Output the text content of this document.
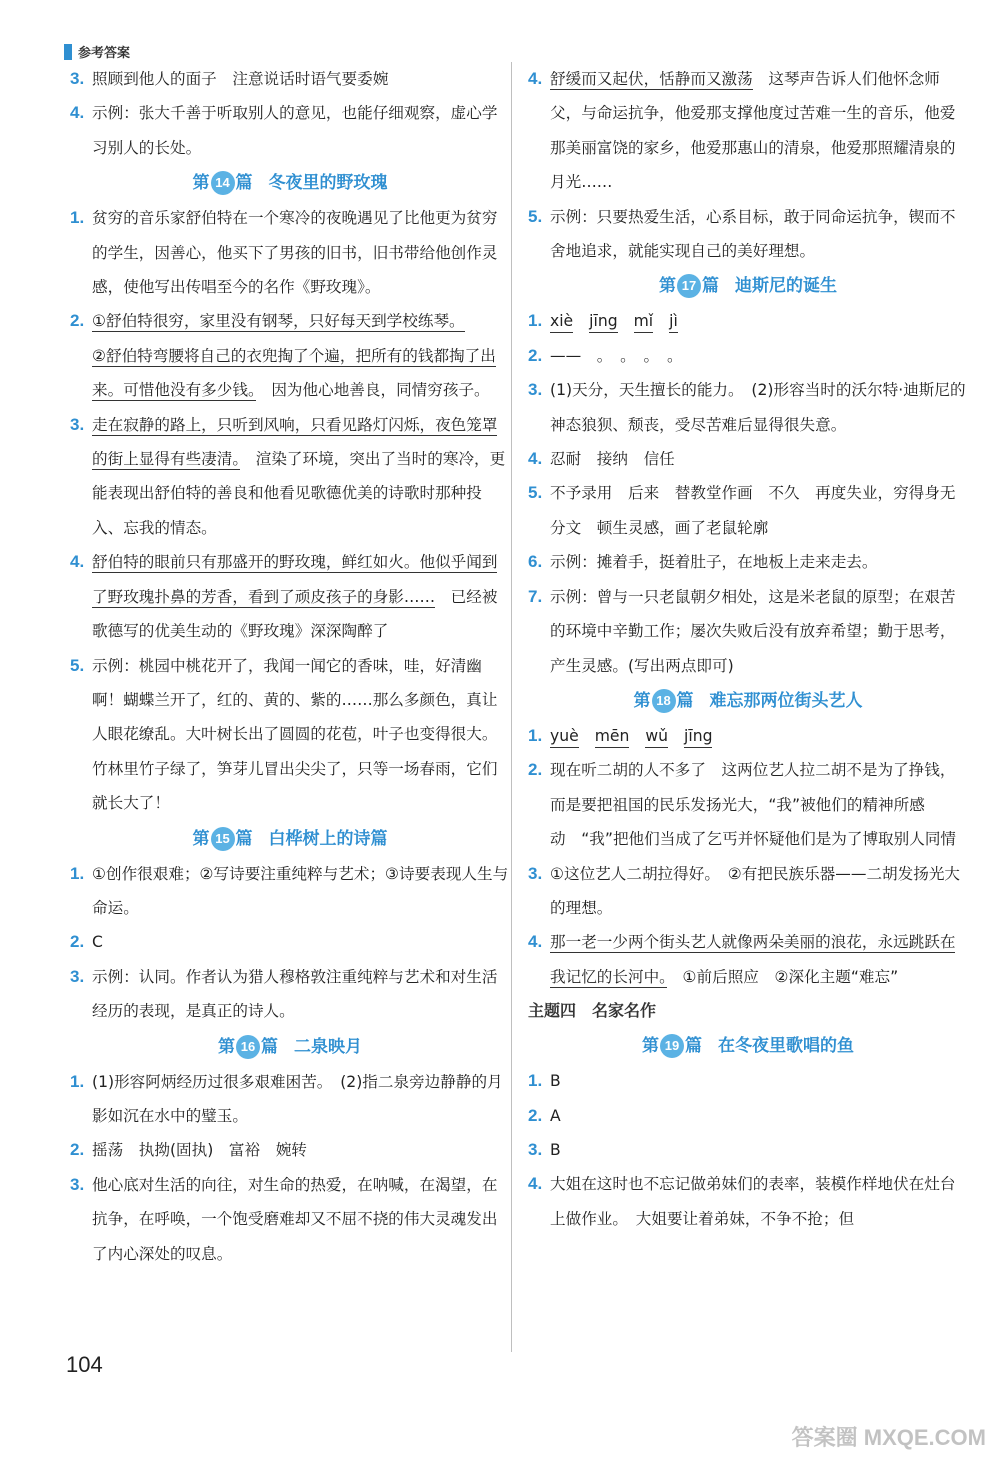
参考答案
3. 照顾到他人的面子　注意说话时语气要委婉
4. 示例：张大千善于听取别人的意见，也能仔细观察，虚心学习别人的长处。
第 14 篇 冬夜里的野玫瑰
1. 贫穷的音乐家舒伯特在一个寒冷的夜晚遇见了比他更为贫穷的学生，因善心，他买下了男孩的旧书，旧书带给他创作灵感，使他写出传唱至今的名作《野玫瑰》。
2. ①舒伯特很穷，家里没有钢琴，只好每天到学校练琴。
②舒伯特弯腰将自己的衣兜掏了个遍，把所有的钱都掏了出来。可惜他没有多少钱。　因为他心地善良，同情穷孩子。
3. 走在寂静的路上，只听到风响，只看见路灯闪烁，夜色笼罩的街上显得有些凄清。　渲染了环境，突出了当时的寒冷，更能表现出舒伯特的善良和他看见歌德优美的诗歌时那种投入、忘我的情态。
4. 舒伯特的眼前只有那盛开的野玫瑰，鲜红如火。他似乎闻到了野玫瑰扑鼻的芳香，看到了顽皮孩子的身影……　已经被歌德写的优美生动的《野玫瑰》深深陶醉了
5. 示例：桃园中桃花开了，我闻一闻它的香味，哇，好清幽啊！蝴蝶兰开了，红的、黄的、紫的……那么多颜色，真让人眼花缭乱。大叶树长出了圆圆的花苞，叶子也变得很大。竹林里竹子绿了，笋芽儿冒出尖尖了，只等一场春雨，它们就长大了！
第 15 篇 白桦树上的诗篇
1. ①创作很艰难；②写诗要注重纯粹与艺术；③诗要表现人生与命运。
2. C
3. 示例：认同。作者认为猎人穆格敦注重纯粹与艺术和对生活经历的表现，是真正的诗人。
第 16 篇 二泉映月
1. (1)形容阿炳经历过很多艰难困苦。　(2)指二泉旁边静静的月影如沉在水中的璧玉。
2. 摇荡　执拗(固执)　富裕　婉转
3. 他心底对生活的向往，对生命的热爱，在呐喊，在渴望，在抗争，在呼唤，一个饱受磨难却又不屈不挠的伟大灵魂发出了内心深处的叹息。
4. 舒缓而又起伏，恬静而又激荡　这琴声告诉人们他怀念师父，与命运抗争，他爱那支撑他度过苦难一生的音乐，他爱那美丽富饶的家乡，他爱那惠山的清泉，他爱那照耀清泉的月光……
5. 示例：只要热爱生活，心系目标，敢于同命运抗争，锲而不舍地追求，就能实现自己的美好理想。
第 17 篇 迪斯尼的诞生
1. xiè jīng mǐ jì
2. ——　。　。　。　。
3. (1)天分，天生擅长的能力。　(2)形容当时的沃尔特·迪斯尼的神态狼狈、颓丧，受尽苦难后显得很失意。
4. 忍耐　接纳　信任
5. 不予录用　后来　替教堂作画　不久　再度失业，穷得身无分文　顿生灵感，画了老鼠轮廓
6. 示例：摊着手，挺着肚子，在地板上走来走去。
7. 示例：曾与一只老鼠朝夕相处，这是米老鼠的原型；在艰苦的环境中辛勤工作；屡次失败后没有放弃希望；勤于思考，产生灵感。(写出两点即可)
第 18 篇 难忘那两位街头艺人
1. yuè mēn wǔ jīng
2. 现在听二胡的人不多了　这两位艺人拉二胡不是为了挣钱，而是要把祖国的民乐发扬光大，“我”被他们的精神所感动　“我”把他们当成了乞丐并怀疑他们是为了博取别人同情
3. ①这位艺人二胡拉得好。　②有把民族乐器——二胡发扬光大的理想。
4. 那一老一少两个街头艺人就像两朵美丽的浪花，永远跳跃在我记忆的长河中。　①前后照应　②深化主题“难忘”
主题四 名家名作
第 19 篇 在冬夜里歌唱的鱼
1. B
2. A
3. B
4. 大姐在这时也不忘记做弟妹们的表率，装模作样地伏在灶台上做作业。　大姐要让着弟妹，不争不抢；但
104
答案圈 MXQE.COM
